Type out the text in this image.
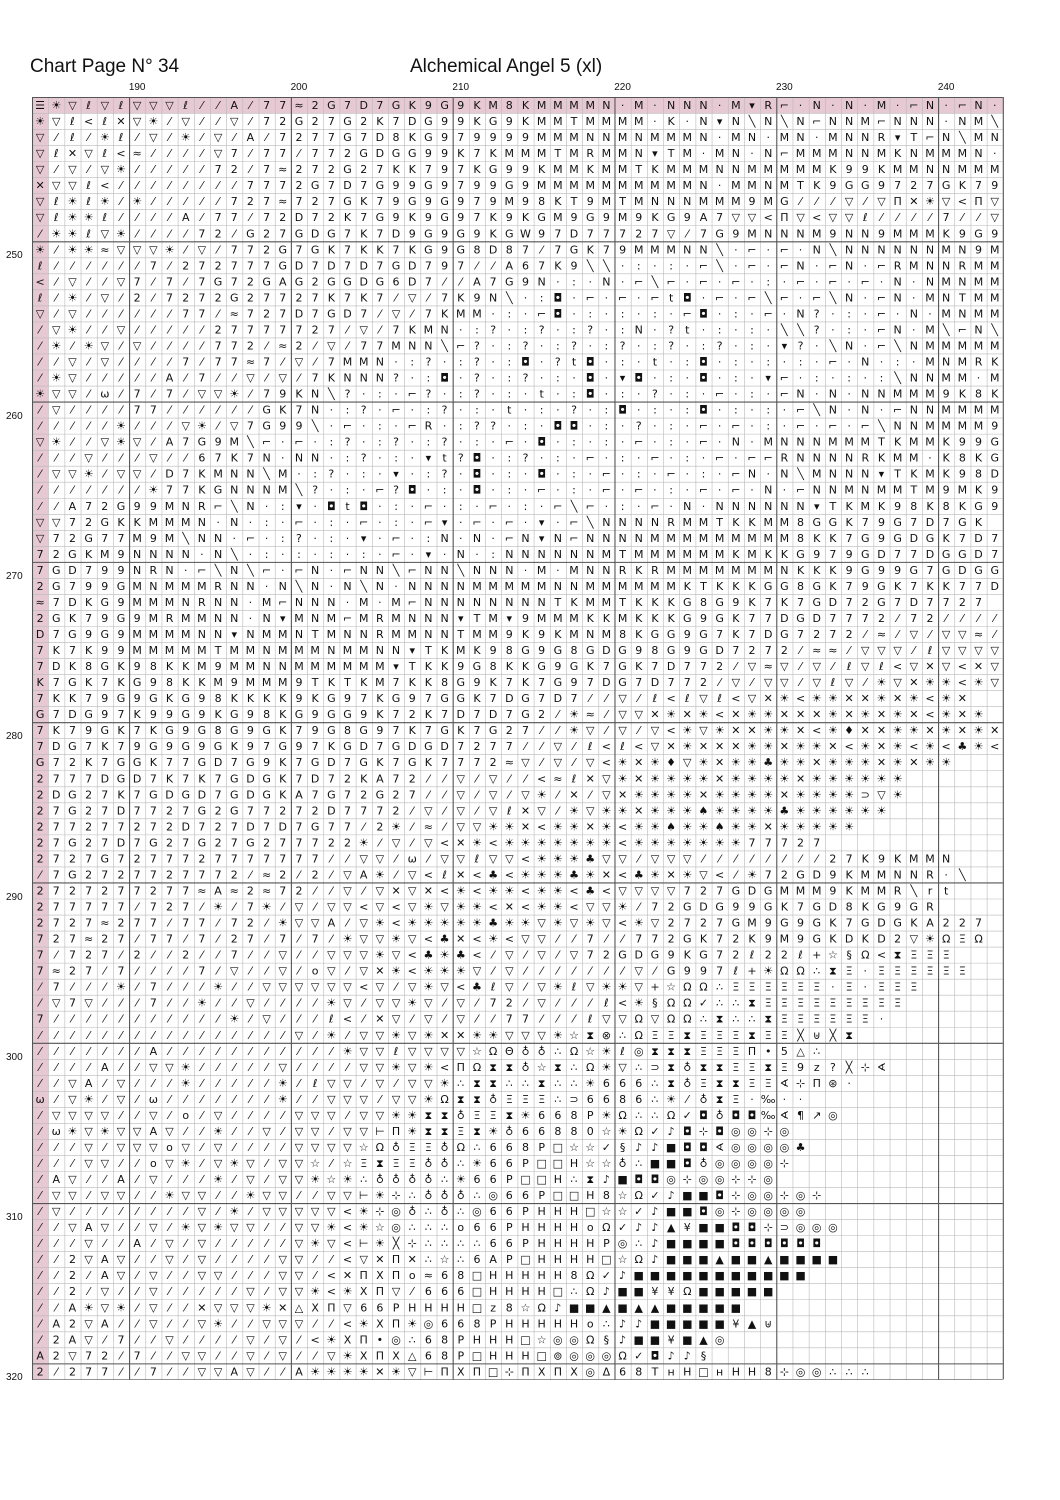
Chart Page N° 34	Alchemical Angel 5 (xl)
190	200	210	220	230	240
250
260
270
280
290
300
310
320
☰ ☀ ▽ ℓ ▽ ℓ ▽ ▽ ▽ ℓ ⁄ ⁄ A ⁄ 7 7 ≈ 2 G 7 D 7 G K 9 G 9 K M 8 K M M M M N · M · N N N · M ▾ R ⌐ · N · N · M · ⌐ N · ⌐ N ·
☀ ▽ ℓ < ℓ ✕ ▽ ☀ ⁄ ▽ ⁄ ⁄ ▽ ⁄ 7 2 G 2 7 G 2 K 7 D G 9 9 K G 9 K M M T M M M M · K · N ▾ N ╲ N ╲ N ⌐ N N M ⌐ N N N · N M ╲
▽ ⁄ ℓ ⁄ ☀ ℓ ⁄ ▽ ⁄ ☀ ⁄ ▽ ⁄ A ⁄ 7 2 7 7 G 7 D 8 K G 9 7 9 9 9 9 M M M N N M N M M M N · M N · M N · M N N R ▾ T ⌐ N ╲ M N
▽ ℓ ✕ ▽ ℓ < ≈ ⁄ ⁄ ⁄ ⁄ ▽ 7 ⁄ 7 7 ⁄ 7 7 2 G D G G 9 9 K 7 K M M M T M R M M N ▾ T M · M N · N ⌐ M M M N N M K N M M M N ·
▽ ⁄ ▽ ⁄ ▽ ☀ ⁄ ⁄ ⁄ ⁄ ⁄ 7 2 ⁄ 7 ≈ 2 7 2 G 2 7 K K 7 9 7 K G 9 9 K M M K M M T K M M M N N M M M M M K 9 9 K M M N N M M M
✕ ▽ ▽ ℓ < ⁄ ⁄ ⁄ ⁄ ⁄ ⁄ ⁄ ⁄ 7 7 7 2 G 7 D 7 G 9 9 G 9 7 9 9 G 9 M M M M M M M M M M N · M M N M T K 9 G G 9 7 2 7 G K 7 9
▽ ℓ ☀ ℓ ☀ ⁄ ☀ ⁄ ⁄ ⁄ ⁄ ⁄ 7 2 7 ≈ 7 2 7 G K 7 9 G 9 G 9 7 9 M 9 8 K T 9 M T M N N N M M M 9 M G ⁄ ⁄ ⁄ ▽ ⁄ ▽ Π ✕ ☀ ▽ < Π ▽
▽ ℓ ☀ ☀ ℓ ⁄ ⁄ ⁄ ⁄ A ⁄ 7 7 ⁄ 7 2 D 7 2 K 7 G 9 K 9 G 9 7 K 9 K G M 9 G 9 M 9 K G 9 A 7 ▽ ▽ < Π ▽ < ▽ ▽ ℓ ⁄ ⁄ ⁄ ⁄ 7 ⁄ ⁄ ▽
⁄ ☀ ☀ ℓ ▽ ☀ ⁄ ⁄ ⁄ ⁄ 7 2 ⁄ G 2 7 G D G 7 K 7 D 9 G 9 G 9 K G W 9 7 D 7 7 7 2 7 ▽ ⁄ 7 G 9 M N N N M 9 N N 9 M M M K 9 G 9
☀ ⁄ ☀ ☀ ≈ ▽ ▽ ▽ ☀ ⁄ ▽ ⁄ 7 7 2 G 7 G K 7 K K 7 K G 9 G 8 D 8 7 ⁄ 7 G K 7 9 M M M N N ╲ · ⌐ · ⌐ · N ╲ N N N N N N M N 9 M
ℓ ⁄ ⁄ ⁄ ⁄ ⁄ ⁄ 7 ⁄ 2 7 2 7 7 7 G D 7 D 7 D 7 G D 7 9 7 ⁄ ⁄ A 6 7 K 9 ╲ ╲ · : · : · ⌐ ╲ · ⌐ · ⌐ N · ⌐ N · ⌐ R M N N R M M
< ⁄ ▽ ⁄ ⁄ ▽ 7 ⁄ 7 ⁄ 7 G 7 2 G A G 2 G G D G 6 D 7 ⁄ ⁄ A 7 G 9 N · : · N · ⌐ ╲ ⌐ · ⌐ · ⌐ · : · ⌐ · ⌐ · ⌐ · N · N M N M M
ℓ ⁄ ☀ ⁄ ▽ ⁄ 2 ⁄ 7 2 7 2 G 2 7 7 2 7 K 7 K 7 ⁄ ▽ ⁄ 7 K 9 N ╲ · : ◘ · ⌐ · ⌐ · ⌐ t ◘ · ⌐ · ⌐ ╲ ⌐ · ⌐ ╲ N · ⌐ N · M N T M M
▽ ⁄ ▽ ⁄ ⁄ ⁄ ⁄ ⁄ ⁄ 7 7 ⁄ ≈ 7 2 7 D 7 G D 7 ⁄ ▽ ⁄ 7 K M M · : · ⌐ ◘ · : · : · : · ⌐ ◘ · : · ⌐ · N ? · : · ⌐ · N · M N M M
⁄ ▽ ☀ ⁄ ⁄ ▽ ⁄ ⁄ ⁄ ⁄ ⁄ 2 7 7 7 7 7 2 7 ⁄ ▽ ⁄ 7 K M N · : ? · : ? · : ? · : N · ? t · : · : · ╲ ╲ ? · : · ⌐ N · M ╲ ⌐ N ╲
⁄ ☀ ⁄ ☀ ▽ ⁄ ▽ ⁄ ⁄ ⁄ ⁄ 7 7 2 ⁄ ≈ 2 ⁄ ▽ ⁄ 7 7 M N N ╲ ⌐ ? · : ? · : ? · : ? · : ? · : ? · : · ▾ ? · ╲ N · ⌐ ╲ N M M M M M
⁄ ⁄ ▽ ⁄ ▽ ⁄ ⁄ ⁄ ⁄ 7 ⁄ 7 7 ≈ 7 ⁄ ▽ ⁄ 7 M M N · : ? · : ? · : ◘ · ? t ◘ · : · t · : ◘ · : · : · : · ⌐ · N · : · M N M R K
⁄ ☀ ▽ ⁄ ⁄ ⁄ ⁄ ⁄ A ⁄ 7 ⁄ ⁄ ▽ ⁄ ▽ ⁄ 7 K N N N ? · : ◘ · ? · : ? · : · ◘ · ▾ ◘ · : · ◘ · : · ▾ ⌐ · : · : · : ╲ N N M M · M
☀ ▽ ▽ ⁄ ω ⁄ 7 ⁄ 7 ⁄ ▽ ▽ ☀ ⁄ 7 9 K N ╲ ? · : · ⌐ ? · : ? · : · t · : ◘ · : · ? · : · ⌐ · : · ⌐ N · N · N N M M M 9 K 8 K
⁄ ▽ ⁄ ⁄ ⁄ ⁄ 7 7 ⁄ ⁄ ⁄ ⁄ ⁄ ⁄ G K 7 N · : ? · ⌐ · : ? · : · t · : · ? · : ◘ · : · : ◘ · : · : · ⌐ ╲ N · N · ⌐ N N M M M M
⁄ ⁄ ⁄ ⁄ ⁄ ☀ ⁄ ⁄ ⁄ ▽ ☀ ⁄ ▽ 7 G 9 9 ╲ · ⌐ · : · ⌐ R · : ? ? · : · ◘ ◘ · : · ? · : · ⌐ · ⌐ · : · ⌐ · ⌐ · ⌐ ╲ N N M M M M 9
▽ ☀ ⁄ ⁄ ▽ ☀ ▽ ⁄ A 7 G 9 M ╲ ⌐ · ⌐ · : ? · : ? · : ? · : · ⌐ · ◘ · : · : · ⌐ · : · ⌐ · N · M N N N M M M T K M M K 9 9 G
⁄ ⁄ ⁄ ▽ ⁄ ⁄ ⁄ ▽ ⁄ ⁄ 6 7 K 7 N · N N · : ? · : · ▾ t ? ◘ · : ? · : · ⌐ · : · ⌐ · : · ⌐ · ⌐ ⌐ R N N N N R K M M · K 8 K G
⁄ ▽ ▽ ☀ ⁄ ▽ ▽ ⁄ D 7 K M N N ╲ M · : ? · : · ▾ · : ? · ◘ · : · ◘ · : · ⌐ · : · ⌐ · : · ⌐ N · N ╲ M N N N ▾ T K M K 9 8 D
⁄ ⁄ ⁄ ⁄ ⁄ ⁄ ⁄ ☀ 7 7 K G N N N M ╲ ? · : · ⌐ ? ◘ · : · ◘ · : · ⌐ · : · ⌐ · ⌐ · : · ⌐ · ⌐ · N · ⌐ N N M N M M T M 9 M K 9
⁄ ⁄ A 7 2 G 9 9 M N R ⌐ ╲ N · : ▾ · ◘ t ◘ · : · ⌐ · : · ⌐ · : · ⌐ ╲ ⌐ · : · ⌐ · N · N N N N N N ▾ T K M K 9 8 K 8 K G 9
▽ ▽ 7 2 G K K M M M N · N · : · ⌐ · : · ⌐ · : · ⌐ ▾ · ⌐ · ⌐ · ▾ · ⌐ ╲ N N N N R M M T K K M M 8 G G K 7 9 G 7 D 7 G K
▽ 7 2 G 7 7 M 9 M ╲ N N · ⌐ · : ? · : · ▾ · ⌐ · : N · N · ⌐ N ▾ N ⌐ N N N N M M M M M M M M M 8 K K 7 G 9 G D G K 7 D 7
7 2 G K M 9 N N N N · N ╲ · : · : · : · : · ⌐ · ▾ · N · : N N N N N N M T M M M M M M K M K K G 9 7 9 G D 7 7 D G G D 7
7 G D 7 9 9 N R N · ⌐ ╲ N ╲ ⌐ · ⌐ N · ⌐ N N ╲ ⌐ N N ╲ N N N · M · M N N R K R M M M M M M M N K K K 9 G 9 9 G 7 G D G G
2 G 7 9 9 G M N M M M R N N · N ╲ N · N ╲ N · N N N N M M M M M N N M M M M M M K T K K K G G 8 G K 7 9 G K 7 K K 7 7 D
≈ 7 D K G 9 M M M N R N N · M ⌐ N N N · M · M ⌐ N N N N N N N N T K M M T K K K G 8 G 9 K 7 K 7 G D 7 2 G 7 D 7 7 2 7
2 G K 7 9 G 9 M R M M N N · N ▾ M N M ⌐ M R M N N N ▾ T M ▾ 9 M M M K K M K K K G 9 G K 7 7 D G D 7 7 7 2 ⁄ 7 2 ⁄ ⁄ ⁄ ⁄
D 7 G 9 G 9 M M M M N N ▾ N M M N T M N N R M M N N T M M 9 K 9 K M N M 8 K G G 9 G 7 K 7 D G 7 2 7 2 ⁄ ≈ ⁄ ▽ ⁄ ▽ ▽ ≈ ⁄
7 K 7 K 9 9 M M M M M T M M N M M M N M M N N ▾ T K M K 9 8 G 9 G 8 G D G 9 8 G 9 G D 7 2 7 2 ⁄ ≈ ≈ ⁄ ▽ ▽ ▽ ⁄ ℓ ▽ ▽ ▽ ▽
7 D K 8 G K 9 8 K K M 9 M M N N M M M M M M ▾ T K K 9 G 8 K K G 9 G K 7 G K 7 D 7 7 2 ⁄ ▽ ≈ ▽ ⁄ ▽ ⁄ ℓ ▽ ℓ < ▽ ✕ ▽ < ✕ ▽
K 7 G K 7 K G 9 8 K K M 9 M M M 9 T K T K M 7 K K 8 G 9 K 7 K 7 G 9 7 D G 7 D 7 7 2 ⁄ ▽ ⁄ ▽ ▽ ⁄ ▽ ℓ ▽ ⁄ ☀ ▽ ✕ ☀ ☀ < ☀ ▽
7 K K 7 9 G 9 G K G 9 8 K K K K 9 K G 9 7 K G 9 7 G G K 7 D G 7 D 7 ⁄ ⁄ ▽ ⁄ ℓ < ℓ ▽ ℓ < ▽ ✕ ☀ < ☀ ☀ ✕ ✕ ☀ ✕ ☀ < ☀ ✕
G 7 D G 9 7 K 9 9 G 9 K G 9 8 K G 9 G G 9 K 7 2 K 7 D 7 D 7 G 2 ⁄ ☀ ≈ ⁄ ▽ ▽ ✕ ☀ ✕ ☀ < ✕ ☀ ☀ ✕ ✕ ✕ ☀ ✕ ☀ ✕ ☀ ✕ < ☀ ✕ ☀
7 K 7 9 G K 7 K G 9 G 8 G 9 G K 7 9 G 8 G 9 7 K 7 G K 7 G 2 7 ⁄ ⁄ ☀ ▽ ⁄ ▽ ⁄ ▽ < ☀ ▽ ☀ ✕ ✕ ☀ ☀ ✕ < ☀ ♦ ✕ ✕ ☀ ☀ ✕ ☀ ✕ ☀ ✕
7 D G 7 K 7 9 G 9 G 9 G K 9 7 G 9 7 K G D 7 G D G D 7 2 7 7 ⁄ ⁄ ▽ ⁄ ℓ < ℓ < ▽ ✕ ☀ ✕ ✕ ✕ ☀ ☀ ✕ ☀ ☀ ✕ < ☀ ✕ ☀ < ☀ < ♣ ☀ <
G 7 2 K 7 G G K 7 7 G D 7 G 9 K 7 G D 7 G K 7 G K 7 7 7 2 ≈ ▽ ⁄ ▽ ⁄ ▽ < ☀ ✕ ☀ ♦ ▽ ☀ ✕ ☀ ☀ ♣ ☀ ☀ ✕ ☀ ☀ ☀ ✕ ☀ ✕ ☀ ☀
2 7 7 7 D G D 7 K 7 K 7 G D G K 7 D 7 2 K A 7 2 ⁄ ⁄ ▽ ⁄ ▽ ⁄ ⁄ < ≈ ℓ ✕ ▽ ☀ ✕ ☀ ☀ ☀ ☀ ✕ ☀ ☀ ☀ ☀ ✕ ☀ ☀ ☀ ☀ ☀ ☀
2 D G 2 7 K 7 G D G D 7 G D G K A 7 G 7 2 G 2 7 ⁄ ⁄ ▽ ⁄ ▽ ⁄ ▽ ☀ ⁄ ✕ ⁄ ▽ ✕ ☀ ☀ ☀ ☀ ✕ ☀ ☀ ☀ ☀ ✕ ☀ ☀ ☀ ☀ ⊃ ▽ ☀
2 7 G 2 7 D 7 7 2 7 G 2 G 7 7 2 7 2 D 7 7 7 2 ⁄ ▽ ⁄ ▽ ⁄ ▽ ℓ ✕ ▽ ⁄ ☀ ▽ ☀ ☀ ✕ ☀ ☀ ☀ ♠ ☀ ☀ ☀ ☀ ♣ ☀ ☀ ☀ ☀ ☀ ☀
2 7 7 2 7 7 2 7 2 D 7 2 7 D 7 D 7 G 7 7 ⁄ 2 ☀ ⁄ ≈ ⁄ ▽ ▽ ☀ ☀ ✕ < ☀ ☀ ✕ ☀ < ☀ ☀ ♠ ☀ ☀ ♠ ☀ ☀ ✕ ☀ ☀ ☀ ☀ ☀
2 7 G 2 7 D 7 G 2 7 G 2 7 G 2 7 7 7 2 2 ☀ ⁄ ▽ ⁄ ▽ < ✕ ☀ < ☀ ☀ ☀ ☀ ☀ ☀ ☀ < ☀ ☀ ☀ ☀ ☀ ☀ ☀ 7 7 7 2 7
2 7 2 7 G 7 2 7 7 7 2 7 7 7 7 7 7 7 ⁄ ⁄ ▽ ▽ ⁄ ω ⁄ ▽ ▽ ℓ ▽ ▽ < ☀ ☀ ☀ ♣ ▽ ▽ ⁄ ▽ ▽ ▽ ⁄ ⁄ ⁄ ⁄ ⁄ ⁄ ⁄ ⁄ 2 7 K 9 K M M N
⁄ 7 G 2 7 2 7 7 2 7 7 7 2 ⁄ ≈ 2 ⁄ 2 ⁄ ▽ A ☀ ⁄ ▽ < ℓ ✕ < ♣ < ☀ ☀ ☀ ♣ ☀ ✕ < ♣ ☀ ✕ ☀ ▽ < ⁄ ☀ 7 2 G D 9 K M M N N R · ╲
2 7 2 7 2 7 7 2 7 7 ≈ A ≈ 2 ≈ 7 2 ⁄ ⁄ ▽ ⁄ ▽ ✕ ▽ ✕ < ☀ < ☀ ☀ < ☀ ☀ < ♣ < ▽ ▽ ▽ ▽ 7 2 7 G D G M M M 9 K M M R ╲ r t
2 7 7 7 7 7 ⁄ 7 2 7 ⁄ ☀ ⁄ 7 ☀ ⁄ ▽ ⁄ ▽ ▽ < ▽ < ▽ ☀ ▽ ☀ ☀ < ✕ < ☀ ☀ < ▽ ▽ ☀ ⁄ 7 2 G D G 9 9 G K 7 G D 8 K G 9 G R
2 7 2 7 ≈ 2 7 7 ⁄ 7 7 ⁄ 7 2 ⁄ ☀ ▽ ▽ A ⁄ ▽ ☀ < ☀ ☀ ☀ ☀ ☀ ♣ ☀ ☀ ▽ ☀ ▽ ☀ ▽ < ☀ ▽ 2 7 2 7 G M 9 G 9 G K 7 G D G K A 2 2 7
7 2 7 ≈ 2 7 ⁄ 7 7 ⁄ 7 ⁄ 2 7 ⁄ 7 ⁄ 7 ⁄ ☀ ▽ ▽ ☀ ▽ < ♣ ✕ < ☀ < ▽ ▽ ⁄ ⁄ 7 ⁄ ⁄ 7 7 2 G K 7 2 K 9 M 9 G K D K D 2 ▽ ☀ Ω Ξ Ω
7 ⁄ 7 2 7 ⁄ 2 ⁄ ⁄ 2 ⁄ ⁄ 7 ⁄ ⁄ ▽ ⁄ ⁄ ▽ ▽ ▽ ☀ ▽ < ♣ ☀ ♣ < ⁄ ▽ ⁄ ▽ ⁄ ▽ 7 2 G D G 9 K G 7 2 ℓ 2 2 ℓ + ☆ § Ω < ⧗ Ξ Ξ Ξ
7 ≈ 2 7 ⁄ 7 ⁄ ⁄ ⁄ ⁄ 7 ⁄ ▽ ⁄ ⁄ ▽ ⁄ ο ▽ ⁄ ▽ ✕ ☀ < ☀ ☀ ☀ ▽ ⁄ ▽ ⁄ ⁄ ⁄ ⁄ ⁄ ⁄ ⁄ ▽ ⁄ G 9 9 7 ℓ + ☀ Ω Ω ∴ ⧗ Ξ · Ξ Ξ Ξ Ξ Ξ Ξ
⁄ 7 ⁄ ⁄ ⁄ ☀ ⁄ 7 ⁄ ⁄ ⁄ ☀ ⁄ ⁄ ▽ ▽ ▽ ▽ ▽ ▽ < ▽ ⁄ ▽ ☀ ▽ < ♣ ℓ ▽ ⁄ ▽ ☀ ℓ ▽ ☀ ☀ ▽ + ☆ Ω Ω ∴ Ξ Ξ Ξ Ξ Ξ Ξ · Ξ · Ξ Ξ Ξ
⁄ ▽ 7 ▽ ⁄ ⁄ ⁄ 7 ⁄ ⁄ ☀ ⁄ ⁄ ▽ ⁄ ⁄ ⁄ ⁄ ☀ ▽ ⁄ ▽ ▽ ☀ ▽ ⁄ ▽ ⁄ 7 2 ⁄ ▽ ⁄ ⁄ ⁄ ℓ < ☀ § Ω Ω ✓ ∴ ∴ ⧗ Ξ Ξ Ξ Ξ Ξ Ξ Ξ Ξ Ξ
7 ⁄ ⁄ ⁄ ⁄ ⁄ ⁄ ⁄ ⁄ ⁄ ⁄ ⁄ ☀ ⁄ ▽ ⁄ ⁄ ⁄ ℓ < ⁄ ✕ ▽ ⁄ ▽ ⁄ ▽ ⁄ ⁄ 7 7 ⁄ ⁄ ⁄ ℓ ▽ ▽ Ω ▽ Ω Ω ∴ ⧗ ∴ ∴ ⧗ Ξ Ξ Ξ Ξ Ξ Ξ ·
⁄ ⁄ ⁄ ⁄ ⁄ ⁄ ⁄ ⁄ ⁄ ⁄ ⁄ ⁄ ⁄ ⁄ ⁄ ⁄ ▽ ⁄ ☀ ⁄ ▽ ▽ ☀ ▽ ☀ ✕ ✕ ☀ ☀ ▽ ▽ ▽ ☀ ☆ ⧗ ⊗ ∴ Ω Ξ Ξ ⧗ Ξ Ξ Ξ ⧗ Ξ Ξ ╳ ⊎ ╳ ⧗
⁄ ⁄ ⁄ ⁄ ⁄ ⁄ ⁄ A ⁄ ⁄ ⁄ ⁄ ⁄ ⁄ ⁄ ⁄ ⁄ ⁄ ⁄ ☀ ▽ ▽ ℓ ▽ ▽ ▽ ▽ ☆ Ω Θ ♁ ♁ ∴ Ω ☆ ☀ ℓ ◎ ⧗ ⧗ ⧗ Ξ Ξ Ξ Π • 5 △ ∴
⁄ ⁄ ⁄ ⁄ A ⁄ ⁄ ▽ ▽ ☀ ⁄ ⁄ ⁄ ⁄ ⁄ ▽ ⁄ ⁄ ⁄ ⁄ ▽ ▽ ☀ ▽ ☀ < Π Ω ⧗ ⧗ ♁ ☆ ⧗ ∴ Ω ☀ ▽ ∴ ⊃ ⧗ ♁ ⧗ ⧗ Ξ Ξ ⧗ Ξ 9 z ? ╳ ⊹ ∢
⁄ ⁄ ▽ A ⁄ ▽ ⁄ ⁄ ⁄ ☀ ⁄ ⁄ ⁄ ⁄ ⁄ ☀ ⁄ ℓ ▽ ▽ ⁄ ▽ ⁄ ▽ ▽ ☀ ∴ ⧗ ⧗ ∴ ∴ ⧗ ∴ ∴ ☀ 6 6 6 ∴ ⧗ ♁ Ξ ⧗ ⧗ Ξ Ξ ∢ ⊹ Π ⊛ ·
ω ⁄ ▽ ☀ ⁄ ▽ ⁄ ω ⁄ ⁄ ⁄ ⁄ ⁄ ⁄ ⁄ ☀ ⁄ ⁄ ▽ ▽ ▽ ⁄ ▽ ▽ ☀ Ω ⧗ ⧗ ♁ Ξ Ξ Ξ ∴ ⊃ 6 6 8 6 ∴ ☀ ⁄ ♁ ⧗ Ξ · ‰ · ·
⁄ ▽ ▽ ▽ ▽ ⁄ ⁄ ▽ ⁄ ο ⁄ ▽ ⁄ ⁄ ⁄ ⁄ ▽ ▽ ▽ ⁄ ▽ ▽ ☀ ☀ ⧗ ⧗ ♁ Ξ Ξ ⧗ ☀ 6 6 8 Р ☀ Ω ∴ ∴ Ω ✓ ◘ ♁ ◘ ◘ ‰ ∢ ¶ ↗ ◎
⁄ ω ☀ ▽ ☀ ▽ ▽ A ▽ ⁄ ⁄ ☀ ⁄ ⁄ ▽ ⁄ ▽ ▽ ⁄ ▽ ▽ ⊢ Π ☀ ⧗ ⧗ Ξ ⧗ ☀ ♁ 6 6 8 8 0 ☆ ☀ Ω ✓ ♪ ◘ ⊹ ◘ ◎ ◎ ⊹ ◎
⁄ ⁄ ⁄ ▽ ⁄ ▽ ▽ ▽ ο ▽ ⁄ ▽ ⁄ ⁄ ⁄ ⁄ ▽ ▽ ▽ ▽ ☆ Ω ♁ Ξ Ξ ♁ Ω ∴ 6 6 8 Р □ ☆ ☆ ✓ § ♪ ♪ ■ ◘ ◘ ∢ ◎ ◎ ◎ ◎ ♣
⁄ ⁄ ⁄ ▽ ▽ ⁄ ⁄ ο ▽ ☀ ⁄ ▽ ☀ ▽ ⁄ ▽ ▽ ☆ ⁄ ☆ Ξ ⧗ Ξ Ξ ♁ ♁ ∴ ☀ 6 6 Р □ □ Н ☆ ☆ ♁ ∴ ■ ■ ◘ ♁ ◎ ◎ ◎ ◎ ⊹
⁄ A ▽ ⁄ ⁄ A ⁄ ▽ ⁄ ⁄ ⁄ ☀ ⁄ ▽ ⁄ ▽ ▽ ☀ ☆ ☀ ∴ ♁ ♁ ♁ ♁ ∴ ☀ 6 6 Р □ □ Н ∴ ⧗ ♪ ■ ◘ ◘ ◎ ⊹ ◎ ◎ ⊹ ⊹ ◎
⁄ ▽ ▽ ⁄ ▽ ▽ ⁄ ⁄ ☀ ▽ ▽ ⁄ ⁄ ☀ ▽ ▽ ⁄ ⁄ ▽ ▽ ⊢ ☀ ⊹ ∴ ♁ ♁ ♁ ∴ ◎ 6 6 Р □ □ Н 8 ☆ Ω ✓ ♪ ■ ■ ◘ ⊹ ◎ ◎ ⊹ ◎ ⊹
⁄ ▽ ⁄ ⁄ ⁄ ⁄ ⁄ ⁄ ⁄ ⁄ ▽ ⁄ ☀ ⁄ ▽ ▽ ▽ ▽ ▽ < ☀ ⊹ ◎ ♁ ∴ ♁ ∴ ◎ 6 6 Р Н Н Н □ ☆ ☆ ✓ ♪ ■ ■ ◘ ◎ ⊹ ◎ ◎ ◎ ◎
⁄ ⁄ ▽ A ▽ ⁄ ⁄ ▽ ⁄ ☀ ▽ ☀ ▽ ▽ ⁄ ⁄ ▽ ▽ ☀ < ☀ ☆ ◎ ∴ ∴ ∴ о 6 6 Р Н Н Н Н ο Ω ✓ ♪ ♪ ▲ ¥ ■ ■ ◘ ◘ ⊹ ⊃ ◎ ◎ ◎
⁄ ⁄ ⁄ ▽ ⁄ ⁄ A ⁄ ▽ ⁄ ▽ ⁄ ⁄ ⁄ ⁄ ⁄ ▽ ☀ ▽ < ⊢ ☀ ╳ ⊹ ∴ ∴ ∴ ∴ 6 6 Р Н Н Н Н Р ◎ ∴ ♪ ■ ■ ■ ■ ◘ ◘ ◘ ◘ ◘ ◘
⁄ ⁄ 2 ▽ A ▽ ⁄ ⁄ ▽ ⁄ ▽ ⁄ ⁄ ⁄ ⁄ ▽ ▽ ⁄ ⁄ < ▽ ✕ Π ✕ ∴ ☆ ∴ 6 A Р □ Н Н Н Н □ ☆ Ω ♪ ■ ■ ■ ▲ ■ ■ ▲ ■ ■ ■ ■
⁄ ⁄ 2 ⁄ A ▽ ⁄ ▽ ⁄ ⁄ ▽ ▽ ⁄ ⁄ ⁄ ▽ ▽ ⁄ < ✕ Π Χ Π ο ≈ 6 8 □ Н Н Н Н Н 8 Ω ✓ ♪ ■ ■ ■ ■ ■ ■ ■ ■ ■ ■ ■
⁄ ⁄ 2 ⁄ ▽ ⁄ ⁄ ▽ ⁄ ⁄ ⁄ ⁄ ⁄ ▽ ⁄ ▽ ▽ ☀ < ☀ Χ Π ▽ ⁄ 6 6 6 □ Н Н Н Н □ ∴ Ω ♪ ■ ■ ¥ ¥ Ω ■ ■ ■ ■ ■
⁄ ⁄ A ☀ ▽ ☀ ⁄ ▽ ⁄ ⁄ ✕ ▽ ▽ ▽ ☀ ✕ △ Χ Π ▽ 6 6 Ρ Н Н Н Н □ z 8 ☆ Ω ♪ ■ ■ ▲ ■ ▲ ▲ ■ ■ ■ ■ ■
⁄ A 2 ▽ A ⁄ ⁄ ▽ ⁄ ⁄ ▽ ☀ ⁄ ⁄ ▽ ▽ ▽ ⁄ ⁄ < ☀ Χ Π ☀ ◎ 6 6 8 Р Н Н Н Н Н ο ∴ ♪ ♪ ■ ■ ■ ■ ■ ¥ ▲ ⊎
⁄ 2 A ▽ ⁄ 7 ⁄ ⁄ ▽ ⁄ ⁄ ⁄ ⁄ ▽ ⁄ ▽ ⁄ < ☀ Χ Π • ◎ ∴ 6 8 Р Н Н Н □ ☆ ◎ ◎ Ω § ♪ ■ ■ ¥ ■ ▲ ◎
A 2 ▽ 7 2 ⁄ 7 ⁄ ⁄ ▽ ▽ ⁄ ⁄ ▽ ⁄ ▽ ⁄ ⁄ ▽ ☀ Χ Π Χ △ 6 8 Р □ Н Н Н □ ⊚ ◎ ◎ ◎ Ω ✓ ◘ ♪ ♪ §
2 ⁄ 2 7 7 ⁄ ⁄ 7 ⁄ ⁄ ▽ ▽ A ▽ ⁄ ⁄ A ☀ ☀ ☀ ☀ ✕ ☀ ▽ ⊢ Π Χ Π □ ⊹ Π Χ Π Χ ◎ Δ 6 8 Т н Н □ н Н Н 8 ⊹ ◎ ◎ ∴ ∴ ∴
